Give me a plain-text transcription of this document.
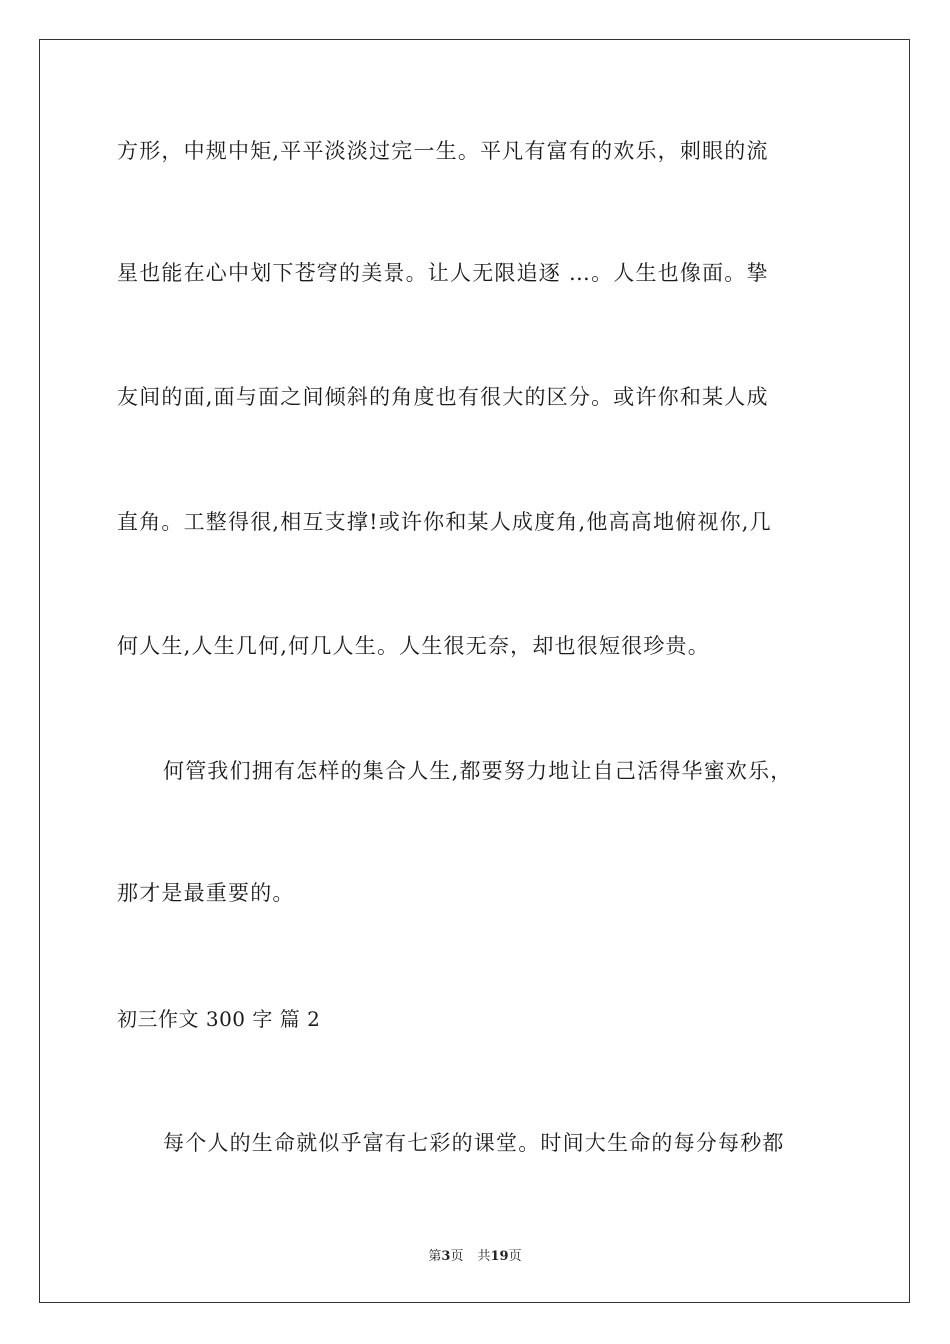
方形，中规中矩,平平淡淡过完一生。平凡有富有的欢乐，刺眼的流
星也能在心中划下苍穹的美景。让人无限追逐 …。人生也像面。挚
友间的面,面与面之间倾斜的角度也有很大的区分。或许你和某人成
直角。工整得很,相互支撑!或许你和某人成度角,他高高地俯视你,几
何人生,人生几何,何几人生。人生很无奈，却也很短很珍贵。
何管我们拥有怎样的集合人生,都要努力地让自己活得华蜜欢乐，
那才是最重要的。
初三作文 300 字 篇 2
每个人的生命就似乎富有七彩的课堂。时间大生命的每分每秒都
第3页 共19页
